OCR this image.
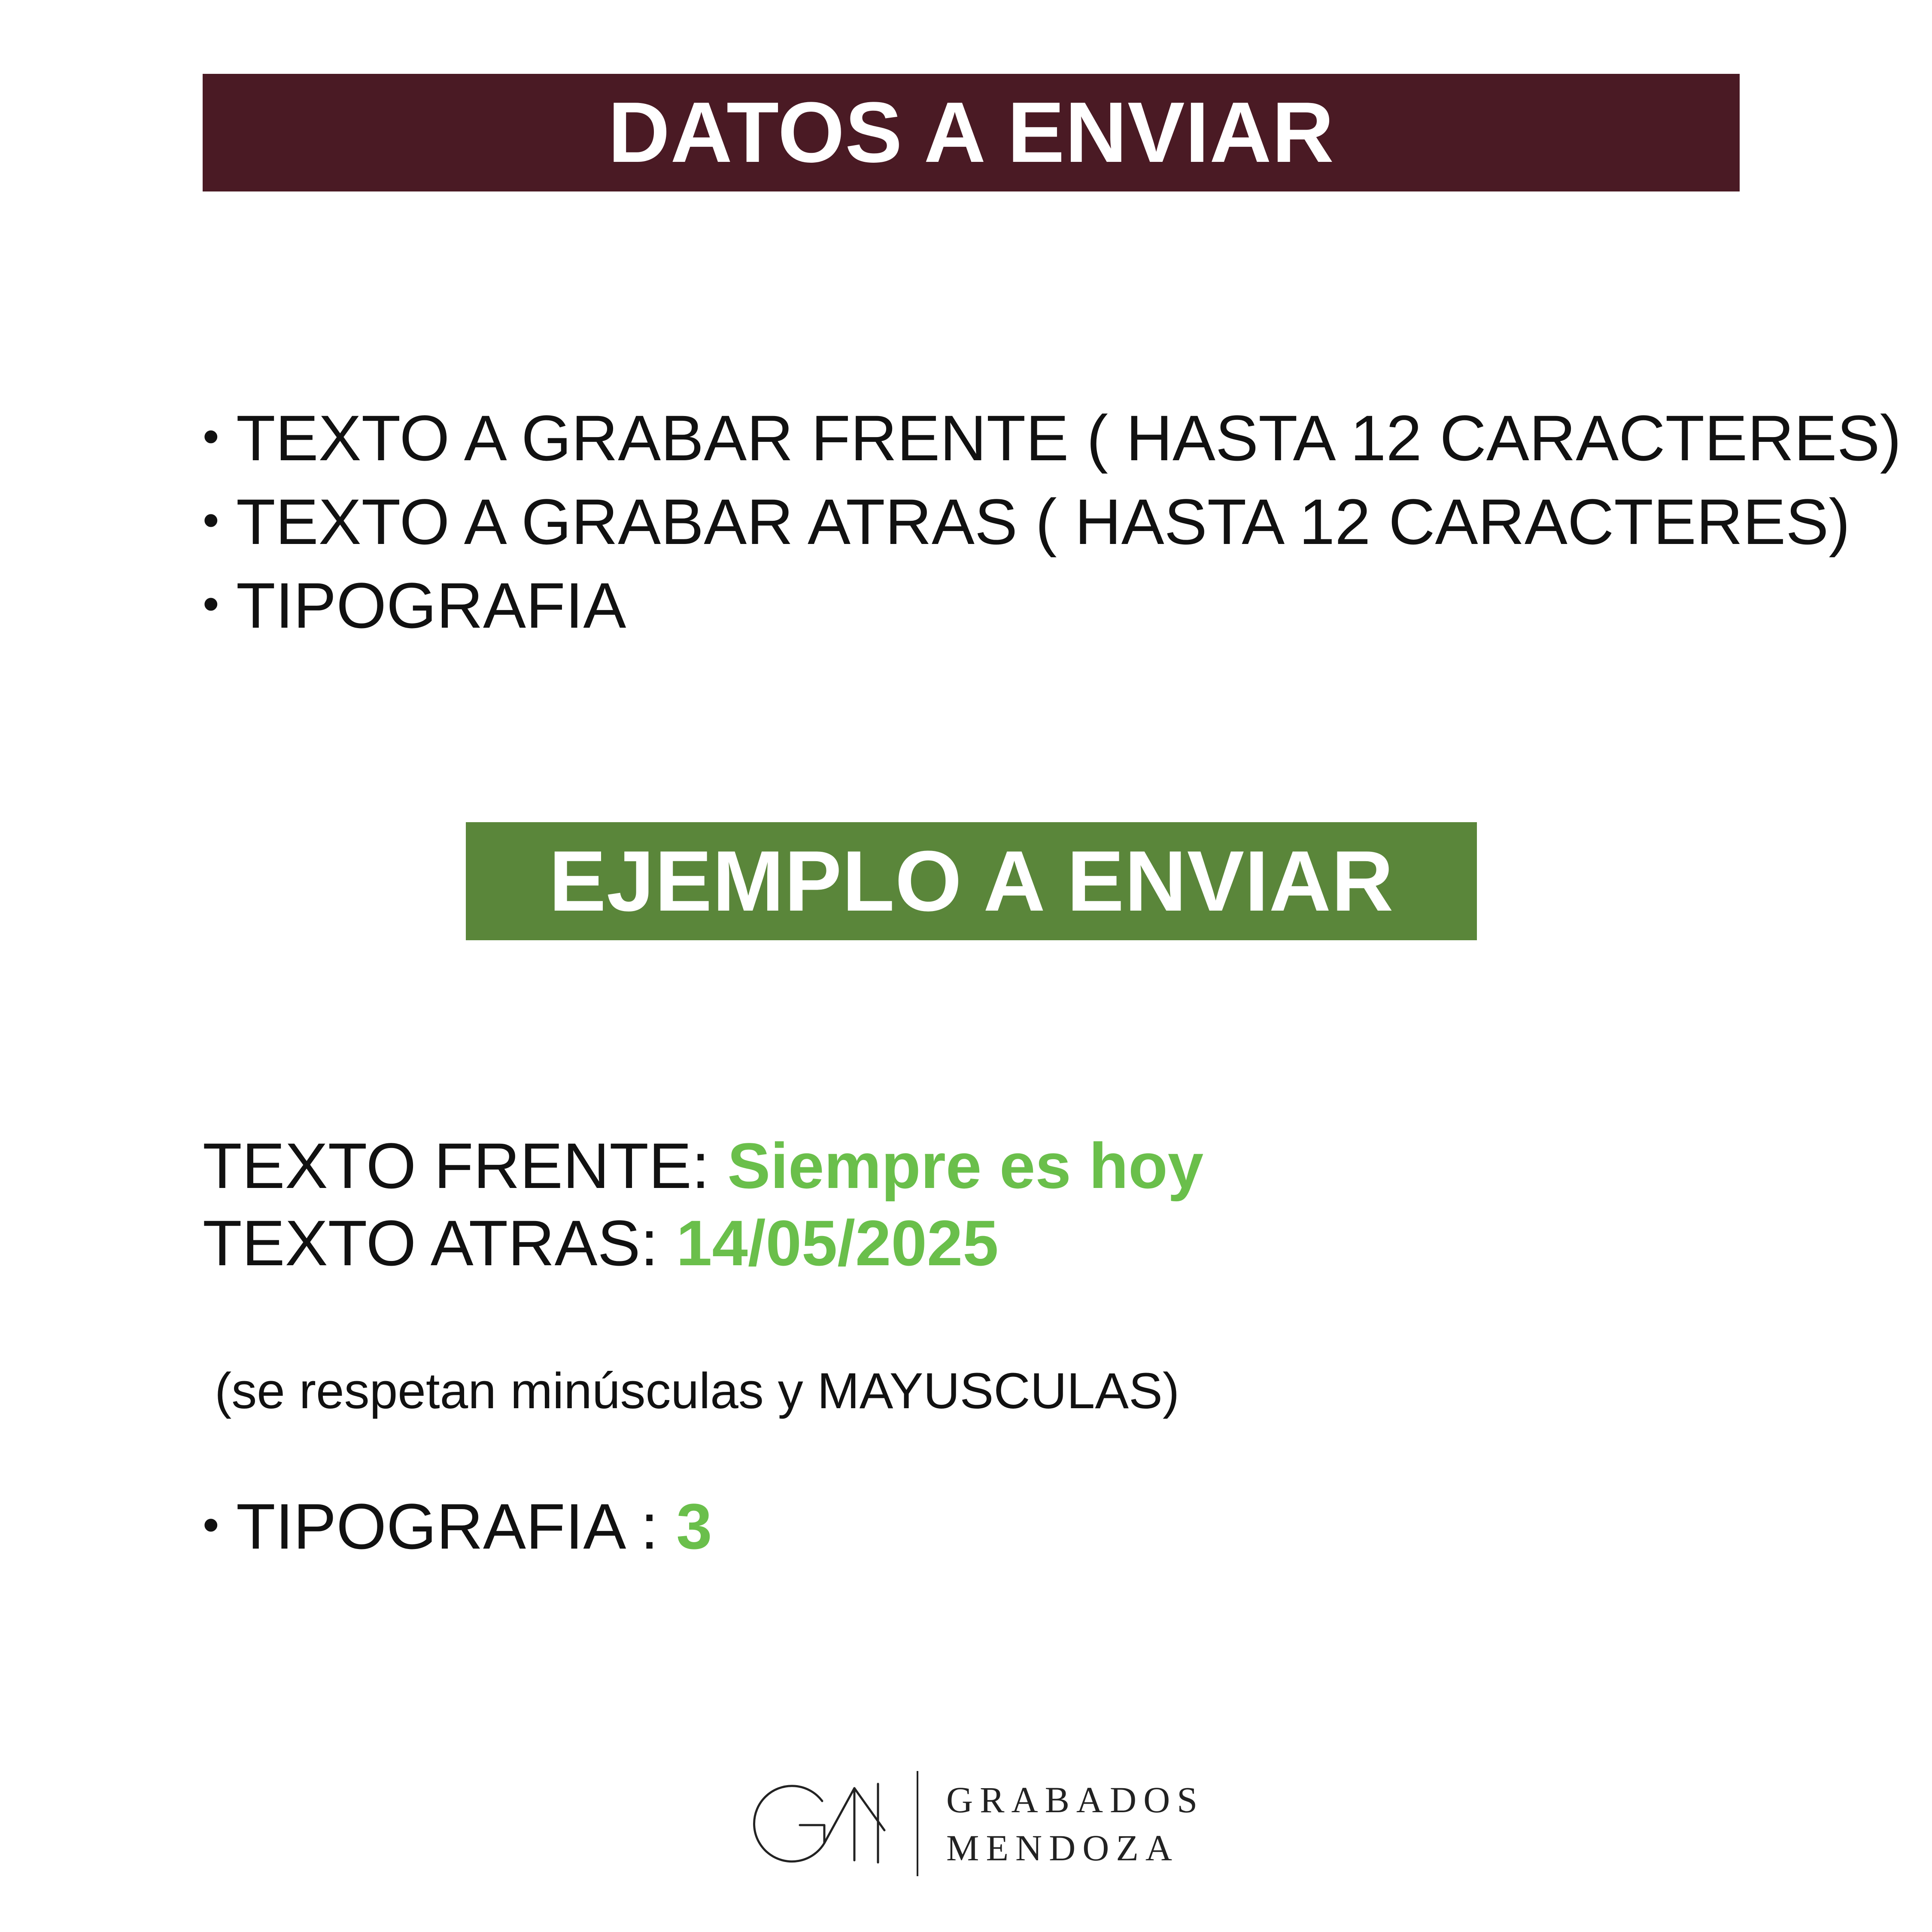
DATOS A ENVIAR
• TEXTO A GRABAR FRENTE ( HASTA 12 CARACTERES)
• TEXTO A GRABAR ATRAS ( HASTA 12 CARACTERES)
• TIPOGRAFIA
EJEMPLO A ENVIAR
TEXTO FRENTE: Siempre es hoy
TEXTO ATRAS: 14/05/2025
(se respetan minúsculas y MAYUSCULAS)
• TIPOGRAFIA :
3
GRABADOS
MENDOZA
